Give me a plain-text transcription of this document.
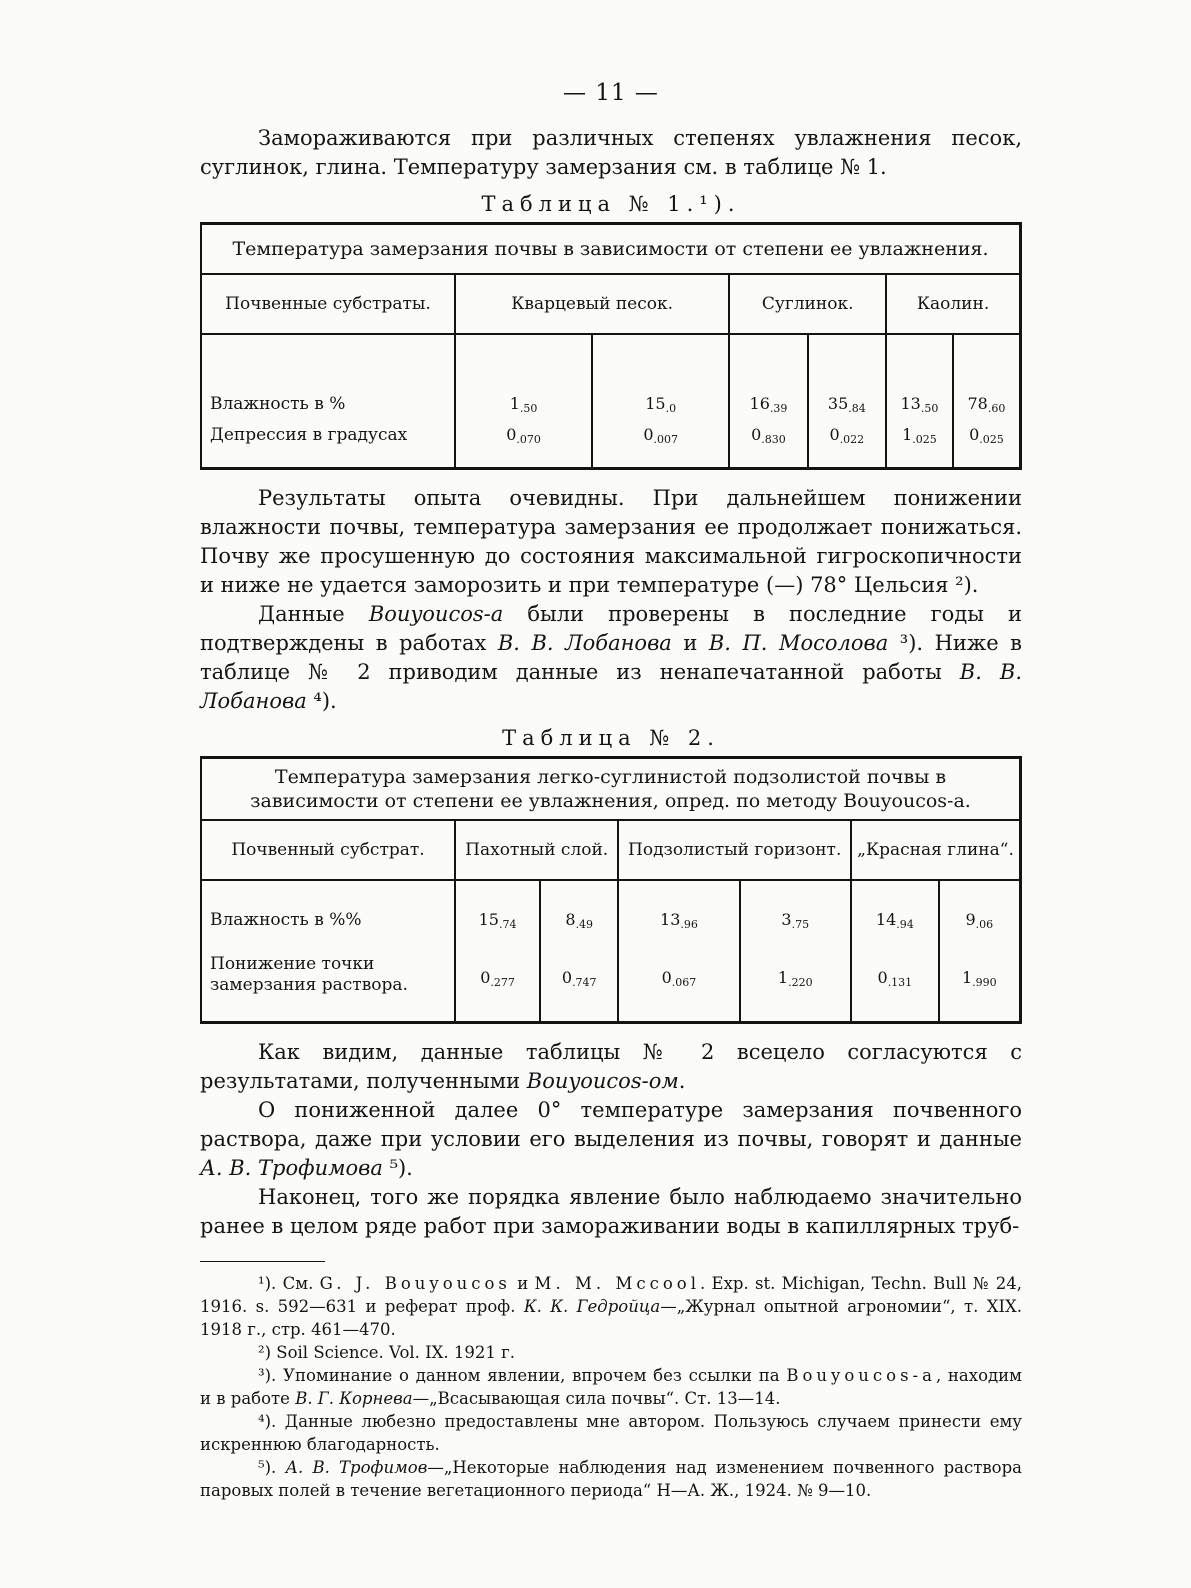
— 11 —

Замораживаются при различных степенях увлажнения песок, суглинок, глина. Температуру замерзания см. в таблице № 1.

Таблица № 1.¹).
Температура замерзания почвы в зависимости от степени ее увлажнения.						
Почвенные субстраты.	Кварцевый песок.		Суглинок.		Каолин.	
Влажность в %	$1_{.50}$	$15_{.0}$	$16_{.39}$	$35_{.84}$	$13_{.50}$	$78_{.60}$
Депрессия в градусах	$0_{.070}$	$0_{.007}$	$0_{.830}$	$0_{.022}$	$1_{.025}$	$0_{.025}$

Результаты опыта очевидны. При дальнейшем понижении влажности почвы, температура замерзания ее продолжает понижаться. Почву же просушенную до состояния максимальной гигроскопичности и ниже не удается заморозить и при температуре (—) 78° Цельсия ²).

Данные Bouyoucos-а были проверены в последние годы и подтверждены в работах В. В. Лобанова и В. П. Мосолова ³). Ниже в таблице № 2 приводим данные из ненапечатанной работы В. В. Лобанова ⁴).

Таблица № 2.
Температура замерзания легко-суглинистой подзолистой почвы в зависимости от степени ее увлажнения, опред. по методу Bouyoucos-а.						
Почвенный субстрат.	Пахотный слой.		Подзолистый горизонт.		„Красная глина“.	
Влажность в %%	$15_{.74}$	$8_{.49}$	$13_{.96}$	$3_{.75}$	$14_{.94}$	$9_{.06}$
Понижение точки замерзания раствора.	$0_{.277}$	$0_{.747}$	$0_{.067}$	$1_{.220}$	$0_{.131}$	$1_{.990}$

Как видим, данные таблицы № 2 всецело согласуются с результатами, полученными Bouyoucos-ом.

О пониженной далее 0° температуре замерзания почвенного раствора, даже при условии его выделения из почвы, говорят и данные А. В. Трофимова ⁵).

Наконец, того же порядка явление было наблюдаемо значительно ранее в целом ряде работ при замораживании воды в капиллярных труб-

¹). См. G. J. Bouyoucos и M. M. Mccool. Exp. st. Michigan, Techn. Bull № 24, 1916. s. 592—631 и реферат проф. К. К. Гедройца—„Журнал опытной агрономии“, т. XIX. 1918 г., стр. 461—470.

²) Soil Science. Vol. IX. 1921 г.

³). Упоминание о данном явлении, впрочем без ссылки па Bouyoucos-а, находим и в работе В. Г. Корнева—„Всасывающая сила почвы“. Ст. 13—14.

⁴). Данные любезно предоставлены мне автором. Пользуюсь случаем принести ему искреннюю благодарность.

⁵). А. В. Трофимов—„Некоторые наблюдения над изменением почвенного раствора паровых полей в течение вегетационного периода“ Н—А. Ж., 1924. № 9—10.
